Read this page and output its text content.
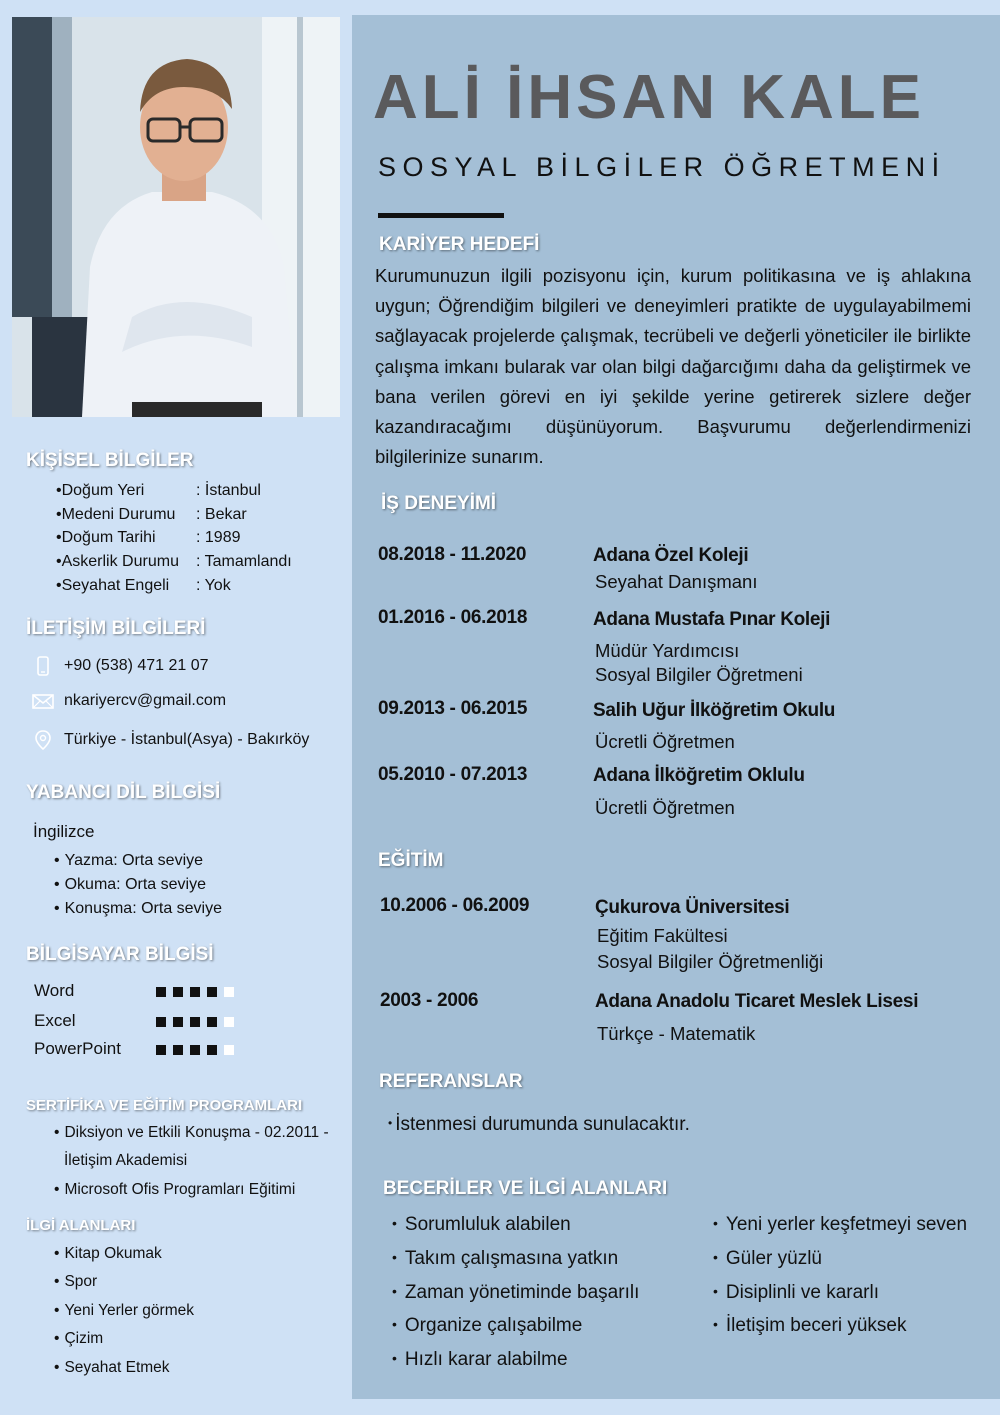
KİŞİSEL BİLGİLER
•Doğum Yeri	: İstanbul
•Medeni Durumu : Bekar
•Doğum Tarihi	: 1989
•Askerlik Durumu : Tamamlandı
•Seyahat Engeli : Yok
İLETİŞİM BİLGİLERİ
+90 (538) 471 21 07
nkariyercv@gmail.com
Türkiye - İstanbul(Asya) - Bakırköy
YABANCI DİL BİLGİSİ
İngilizce
• Yazma: Orta seviye
• Okuma: Orta seviye
• Konuşma: Orta seviye
BİLGİSAYAR BİLGİSİ
Word
Excel
PowerPoint
SERTİFİKA VE EĞİTİM PROGRAMLARI
• Diksiyon ve Etkili Konuşma - 02.2011 -
İletişim Akademisi
• Microsoft Ofis Programları Eğitimi
İLGİ ALANLARI
• Kitap Okumak
• Spor
• Yeni Yerler görmek
• Çizim
• Seyahat Etmek
ALİ İHSAN KALE
SOSYAL BİLGİLER ÖĞRETMENİ
KARİYER HEDEFİ
Kurumunuzun ilgili pozisyonu için, kurum politikasına ve iş ahlakına uygun; Öğrendiğim bilgileri ve deneyimleri pratikte de uygulayabilmemi sağlayacak projelerde çalışmak, tecrübeli ve değerli yöneticiler ile birlikte çalışma imkanı bularak var olan bilgi dağarcığımı daha da geliştirmek ve bana verilen görevi en iyi şekilde yerine getirerek sizlere değer kazandıracağımı düşünüyorum. Başvurumu değerlendirmenizi bilgilerinize sunarım.
İŞ DENEYİMİ
08.2018 - 11.2020	Adana Özel Koleji
Seyahat Danışmanı
01.2016 - 06.2018	Adana Mustafa Pınar Koleji
Müdür Yardımcısı
Sosyal Bilgiler Öğretmeni
09.2013 - 06.2015	Salih Uğur İlköğretim Okulu
Ücretli Öğretmen
05.2010 - 07.2013	Adana İlköğretim Oklulu
Ücretli Öğretmen
EĞİTİM
10.2006 - 06.2009	Çukurova Üniversitesi
Eğitim Fakültesi
Sosyal Bilgiler Öğretmenliği
2003 - 2006	Adana Anadolu Ticaret Meslek Lisesi
Türkçe - Matematik
REFERANSLAR
• İstenmesi durumunda sunulacaktır.
BECERİLER VE İLGİ ALANLARI
• Sorumluluk alabilen
• Takım çalışmasına yatkın
• Zaman yönetiminde başarılı
• Organize çalışabilme
• Hızlı karar alabilme
• Yeni yerler keşfetmeyi seven
• Güler yüzlü
• Disiplinli ve kararlı
• İletişim beceri yüksek
